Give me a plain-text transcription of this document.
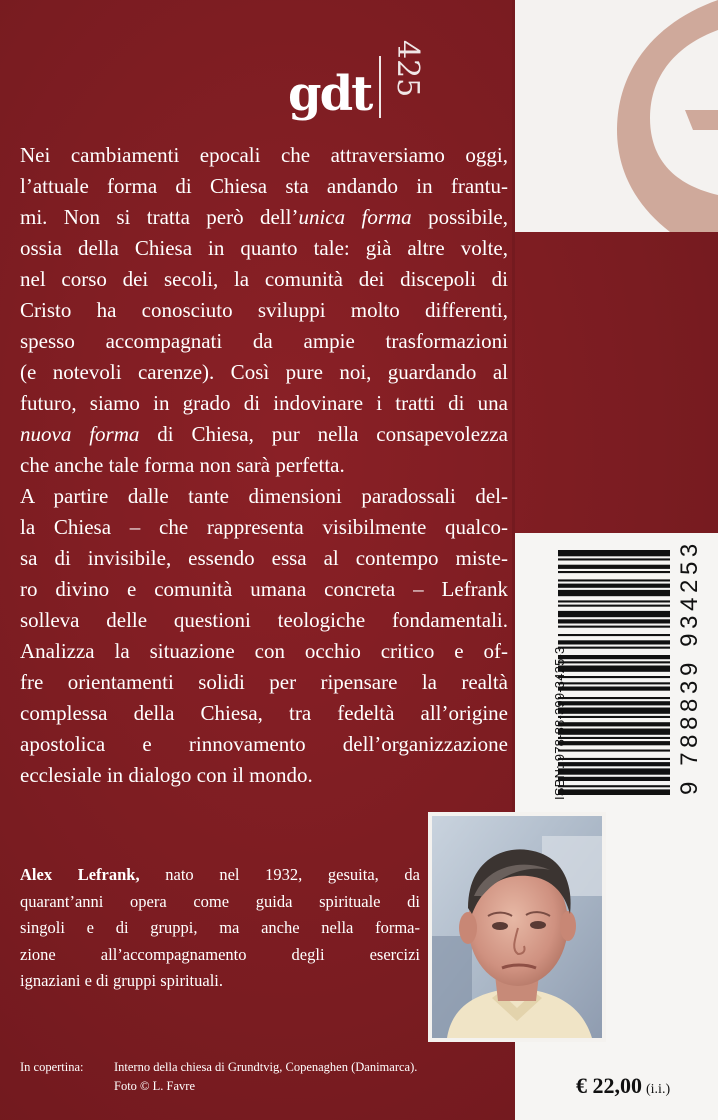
gdt 425

Nei cambiamenti epocali che attraversiamo oggi,
l’attuale forma di Chiesa sta andando in frantu-
mi. Non si tratta però dell’unica forma possibile,
ossia della Chiesa in quanto tale: già altre volte,
nel corso dei secoli, la comunità dei discepoli di
Cristo ha conosciuto sviluppi molto differenti,
spesso accompagnati da ampie trasformazioni
(e notevoli carenze). Così pure noi, guardando al
futuro, siamo in grado di indovinare i tratti di una
nuova forma di Chiesa, pur nella consapevolezza
che anche tale forma non sarà perfetta.

A partire dalle tante dimensioni paradossali del-
la Chiesa – che rappresenta visibilmente qualco-
sa di invisibile, essendo essa al contempo miste-
ro divino e comunità umana concreta – Lefrank
solleva delle questioni teologiche fondamentali.
Analizza la situazione con occhio critico e of-
fre orientamenti solidi per ripensare la realtà
complessa della Chiesa, tra fedeltà all’origine
apostolica e rinnovamento dell’organizzazione
ecclesiale in dialogo con il mondo.

Alex Lefrank, nato nel 1932, gesuita, da
quarant’anni opera come guida spirituale di
singoli e di gruppi, ma anche nella forma-
zione all’accompagnamento degli esercizi
ignaziani e di gruppi spirituali.
In copertina:	Interno della chiesa di Grundtvig, Copenaghen (Danimarca).
Foto © L. Favre
ISBN: 978-88-399-3425-3	9 788839 934253
€ 22,00 (i.i.)
